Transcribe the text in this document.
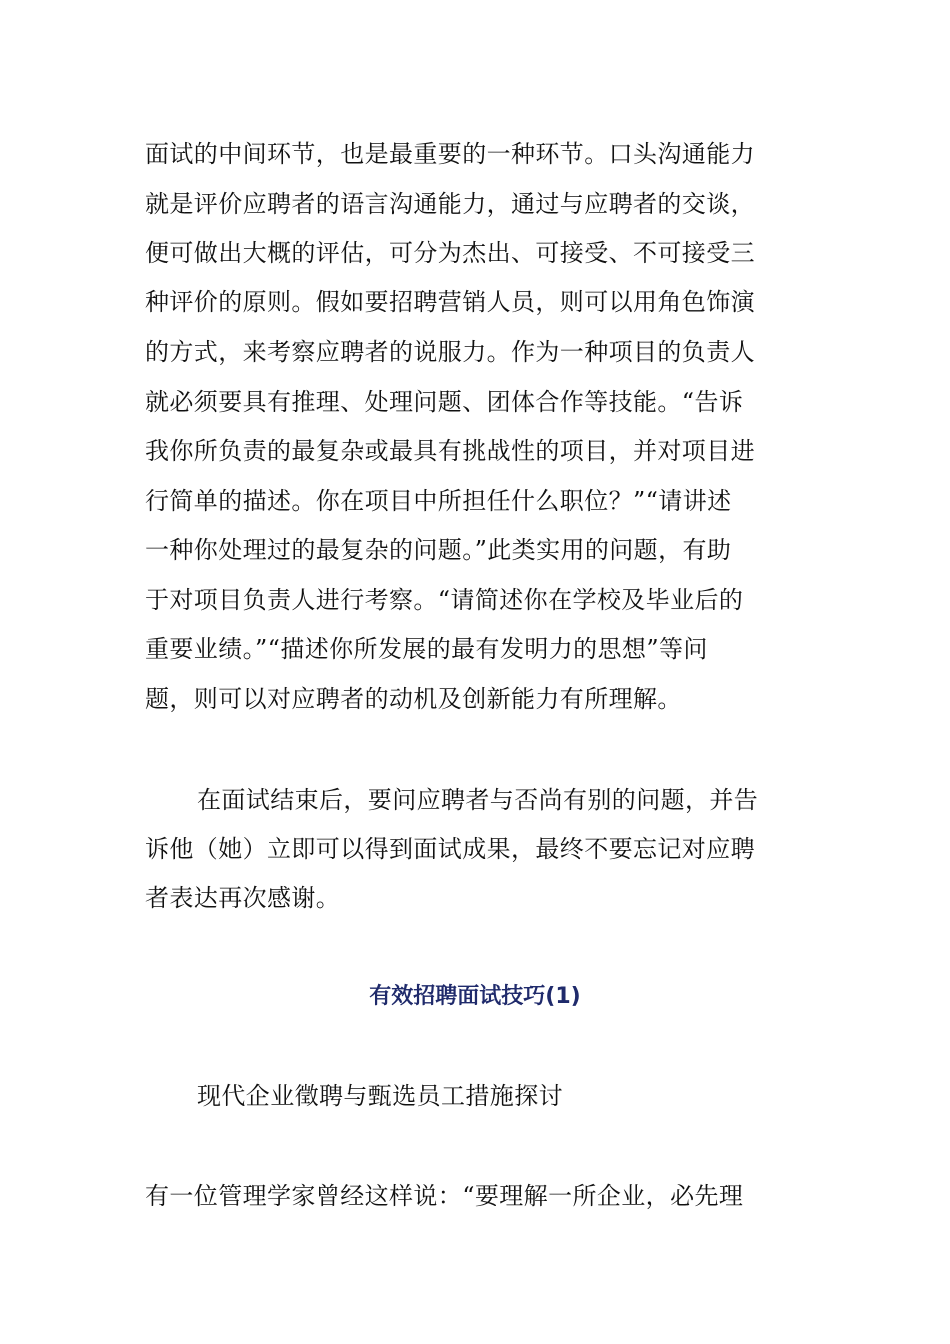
面试的中间环节，也是最重要的一种环节。口头沟通能力
就是评价应聘者的语言沟通能力，通过与应聘者的交谈，
便可做出大概的评估，可分为杰出、可接受、不可接受三
种评价的原则。假如要招聘营销人员，则可以用角色饰演
的方式，来考察应聘者的说服力。作为一种项目的负责人
就必须要具有推理、处理问题、团体合作等技能。“告诉
我你所负责的最复杂或最具有挑战性的项目，并对项目进
行简单的描述。你在项目中所担任什么职位？”“请讲述
一种你处理过的最复杂的问题。”此类实用的问题，有助
于对项目负责人进行考察。“请简述你在学校及毕业后的
重要业绩。”“描述你所发展的最有发明力的思想”等问
题，则可以对应聘者的动机及创新能力有所理解。
在面试结束后，要问应聘者与否尚有别的问题，并告
诉他（她）立即可以得到面试成果，最终不要忘记对应聘
者表达再次感谢。
有效招聘面试技巧(1)
现代企业徵聘与甄选员工措施探讨
有一位管理学家曾经这样说：“要理解一所企业，必先理
